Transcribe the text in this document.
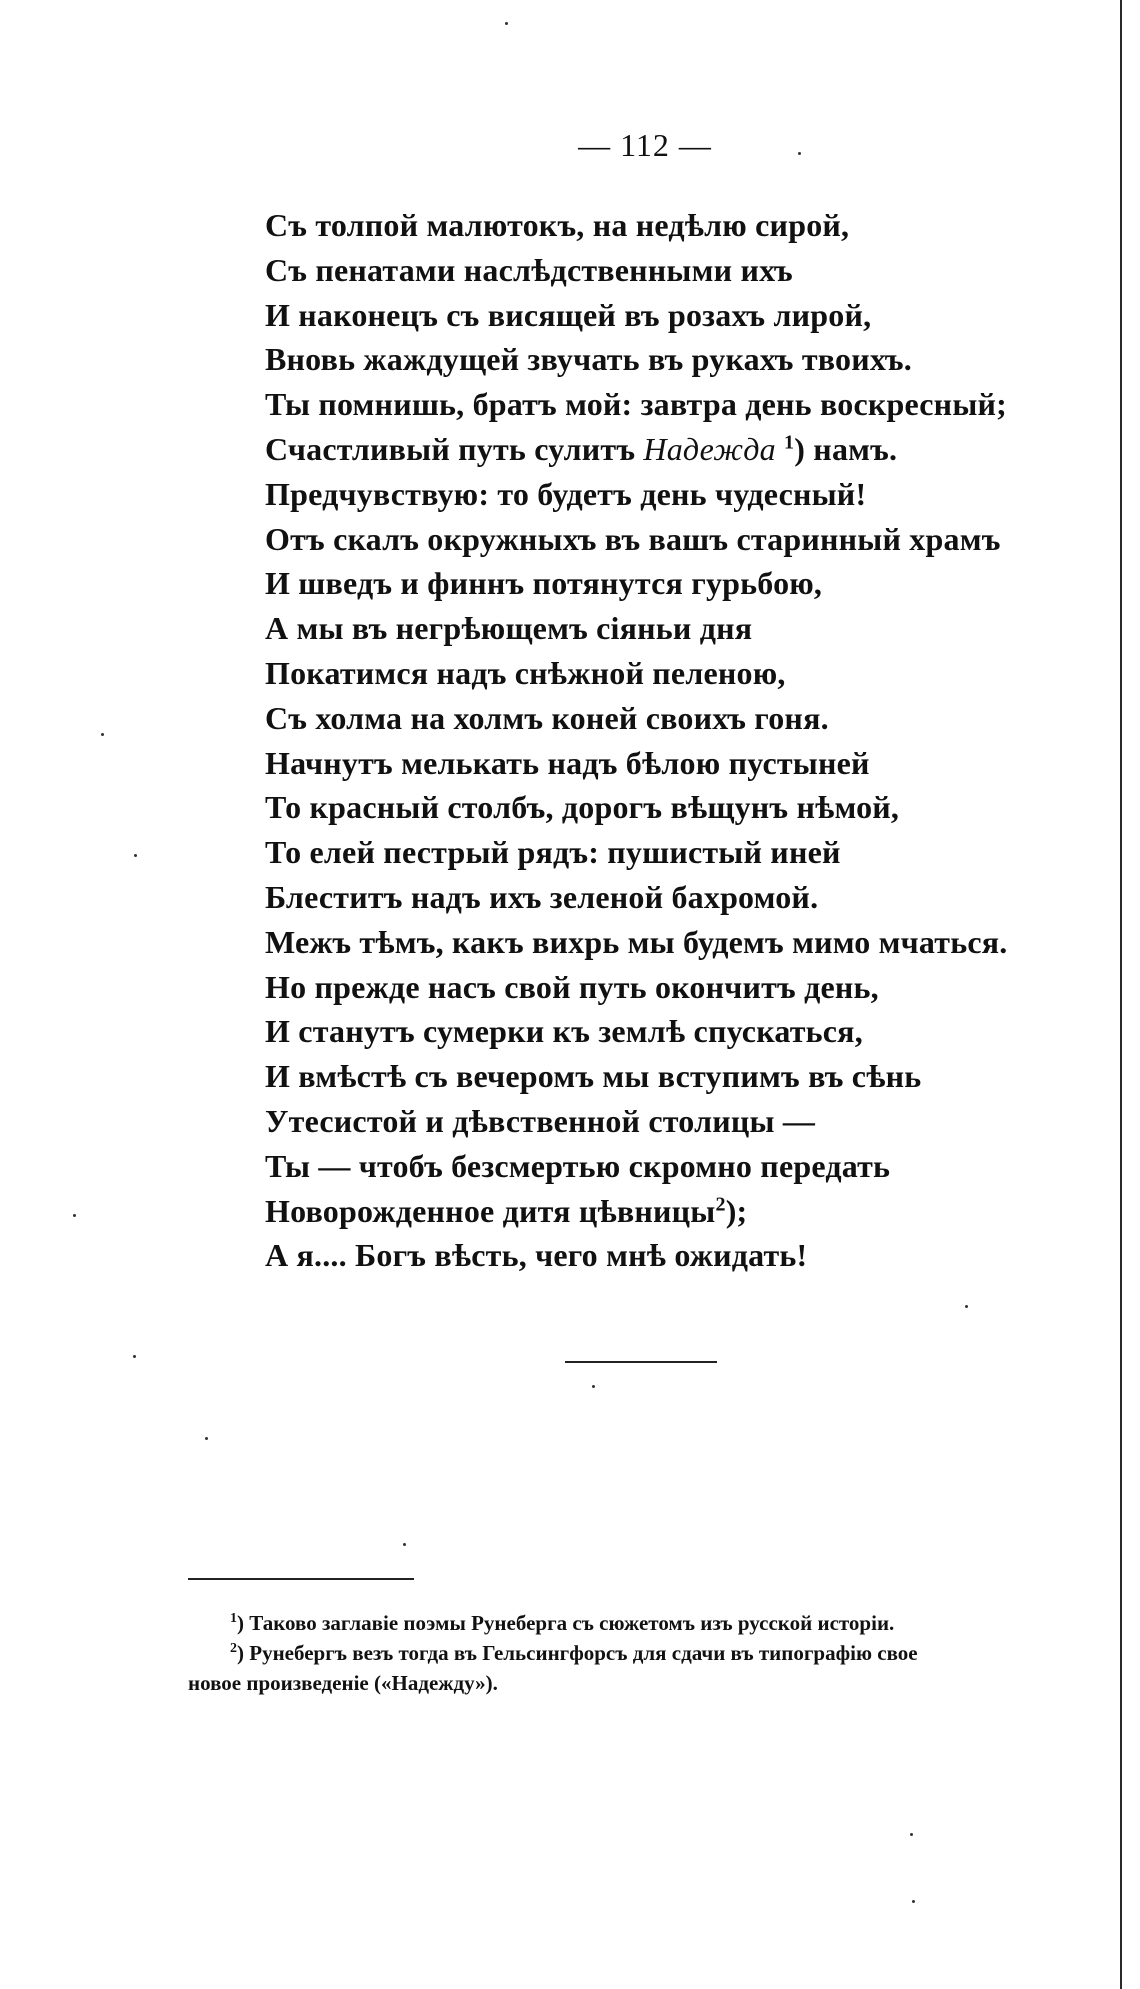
— 112 —
Съ толпой малютокъ, на недѣлю сирой,
Съ пенатами наслѣдственными ихъ
И наконецъ съ висящей въ розахъ лирой,
Вновь жаждущей звучать въ рукахъ твоихъ.
Ты помнишь, братъ мой: завтра день воскресный;
Счастливый путь сулитъ Надежда $^1$) намъ.
Предчувствую: то будетъ день чудесный!
Отъ скалъ окружныхъ въ вашъ старинный храмъ
И шведъ и финнъ потянутся гурьбою,
А мы въ негрѣющемъ сіяньи дня
Покатимся надъ снѣжной пеленою,
Съ холма на холмъ коней своихъ гоня.
Начнутъ мелькать надъ бѣлою пустыней
То красный столбъ, дорогъ вѣщунъ нѣмой,
То елей пестрый рядъ: пушистый иней
Блеститъ надъ ихъ зеленой бахромой.
Межъ тѣмъ, какъ вихрь мы будемъ мимо мчаться.
Но прежде насъ свой путь окончитъ день,
И станутъ сумерки къ землѣ спускаться,
И вмѣстѣ съ вечеромъ мы вступимъ въ сѣнь
Утесистой и дѣвственной столицы —
Ты — чтобъ безсмертью скромно передать
Новорожденное дитя цѣвницы$^2$);
А я.... Богъ вѣсть, чего мнѣ ожидать!
$^1$) Таково заглавіе поэмы Рунеберга съ сюжетомъ изъ русской исторіи.
$^2$) Рунебергъ везъ тогда въ Гельсингфорсъ для сдачи въ типографію свое
новое произведеніе («Надежду»).
